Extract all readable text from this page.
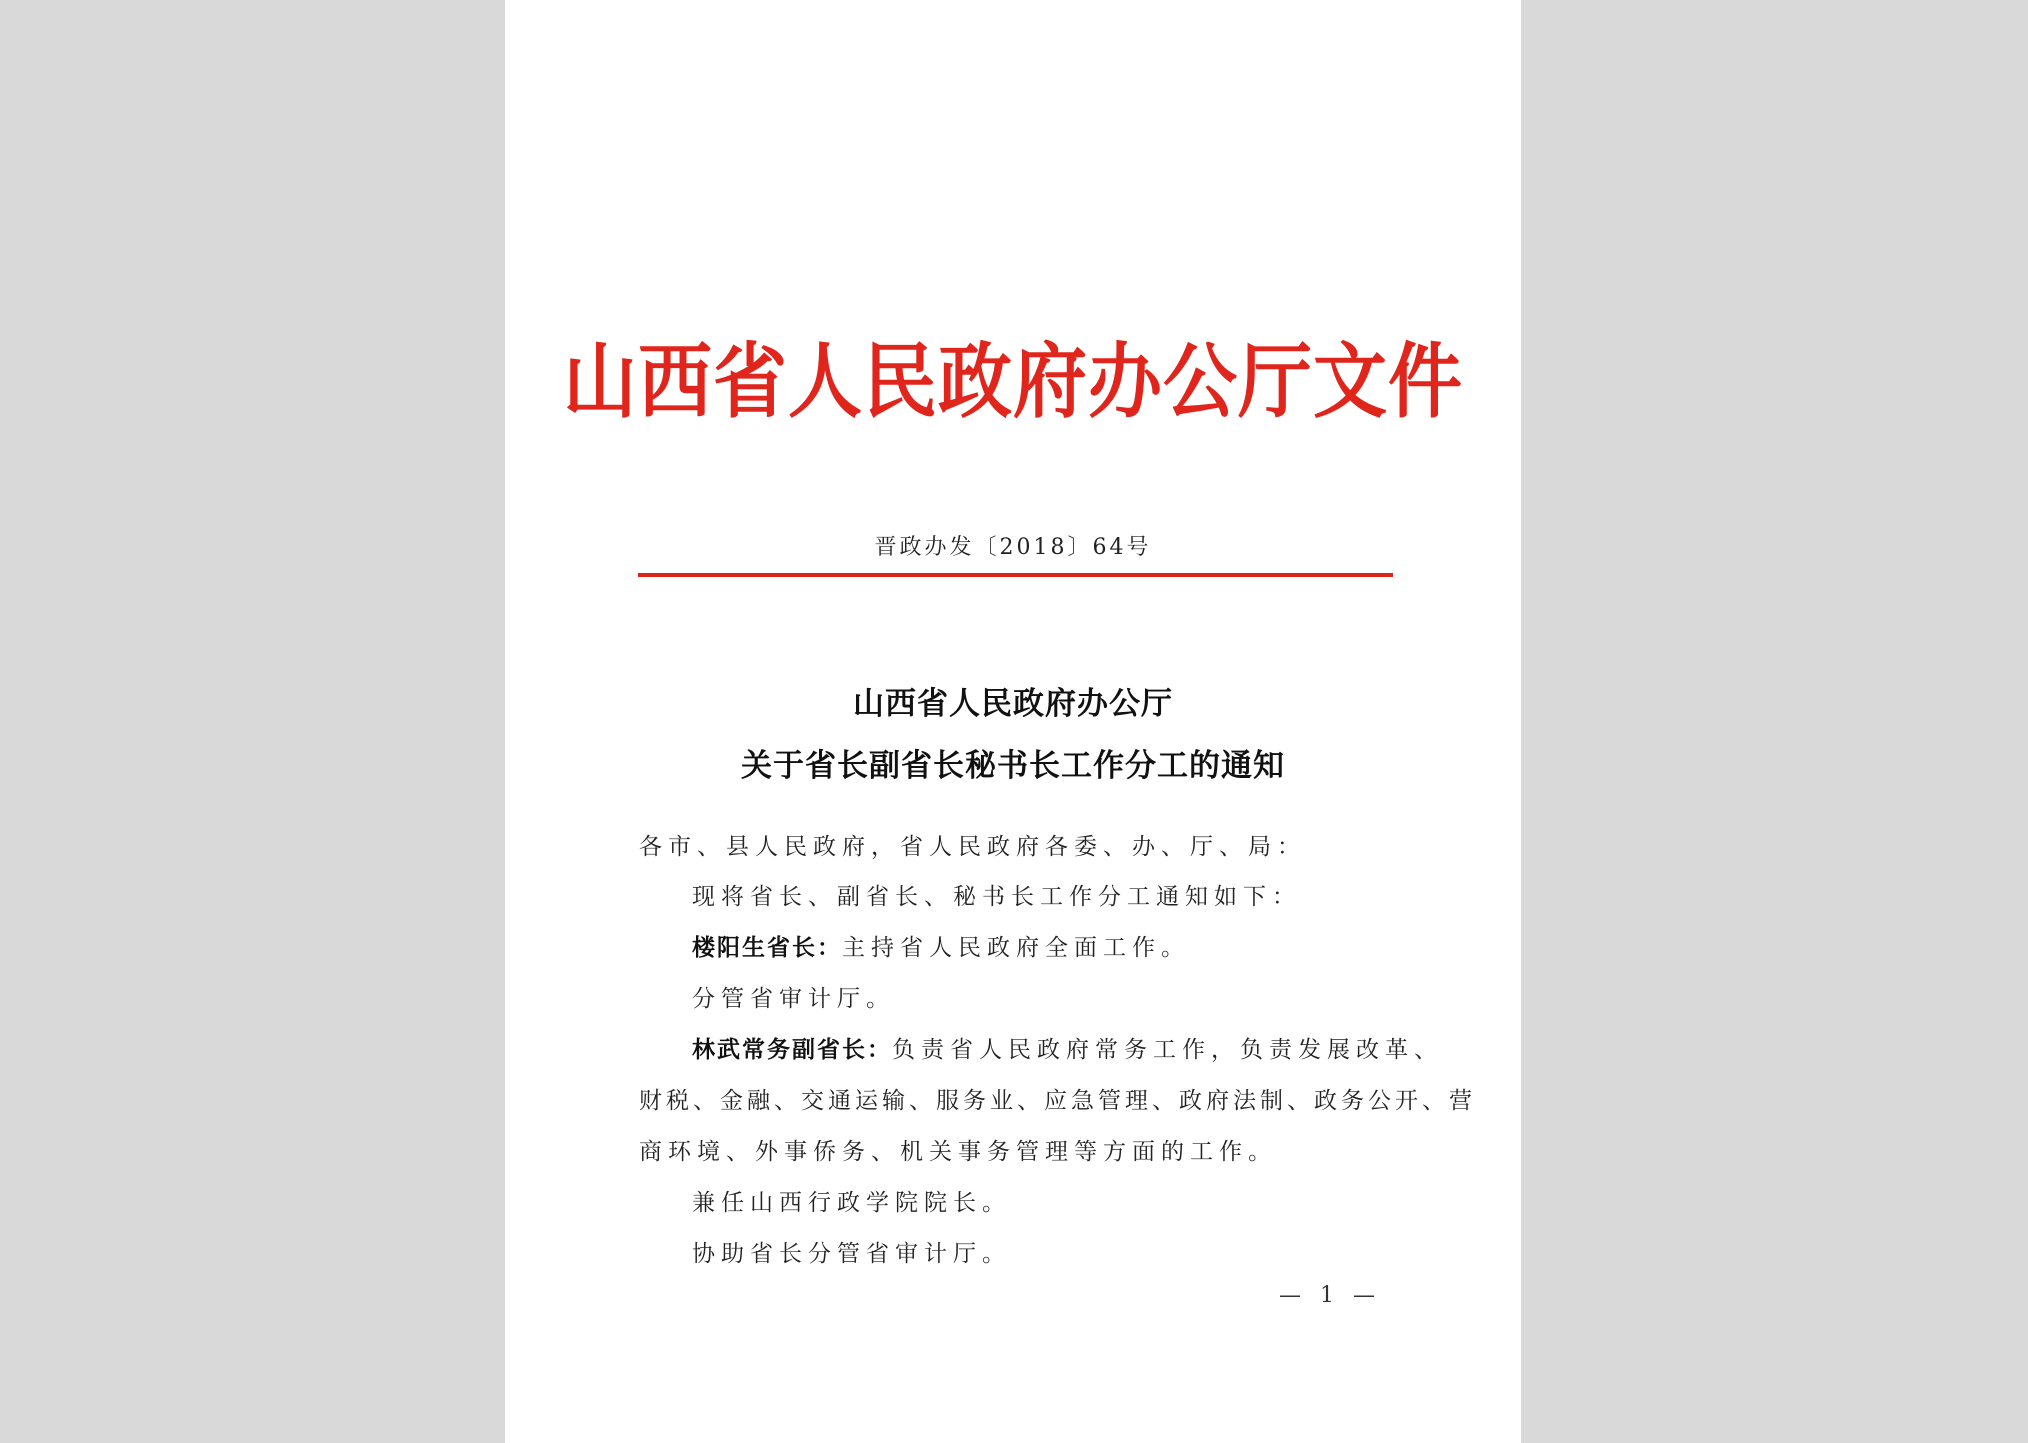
山西省人民政府办公厅文件
晋政办发〔2018〕64号
山西省人民政府办公厅
关于省长副省长秘书长工作分工的通知
各市、县人民政府，省人民政府各委、办、厅、局：
现将省长、副省长、秘书长工作分工通知如下：
楼阳生省长：主持省人民政府全面工作。
分管省审计厅。
林武常务副省长：负责省人民政府常务工作，负责发展改革、
财税、金融、交通运输、服务业、应急管理、政府法制、政务公开、营
商环境、外事侨务、机关事务管理等方面的工作。
兼任山西行政学院院长。
协助省长分管省审计厅。
— 1 —
